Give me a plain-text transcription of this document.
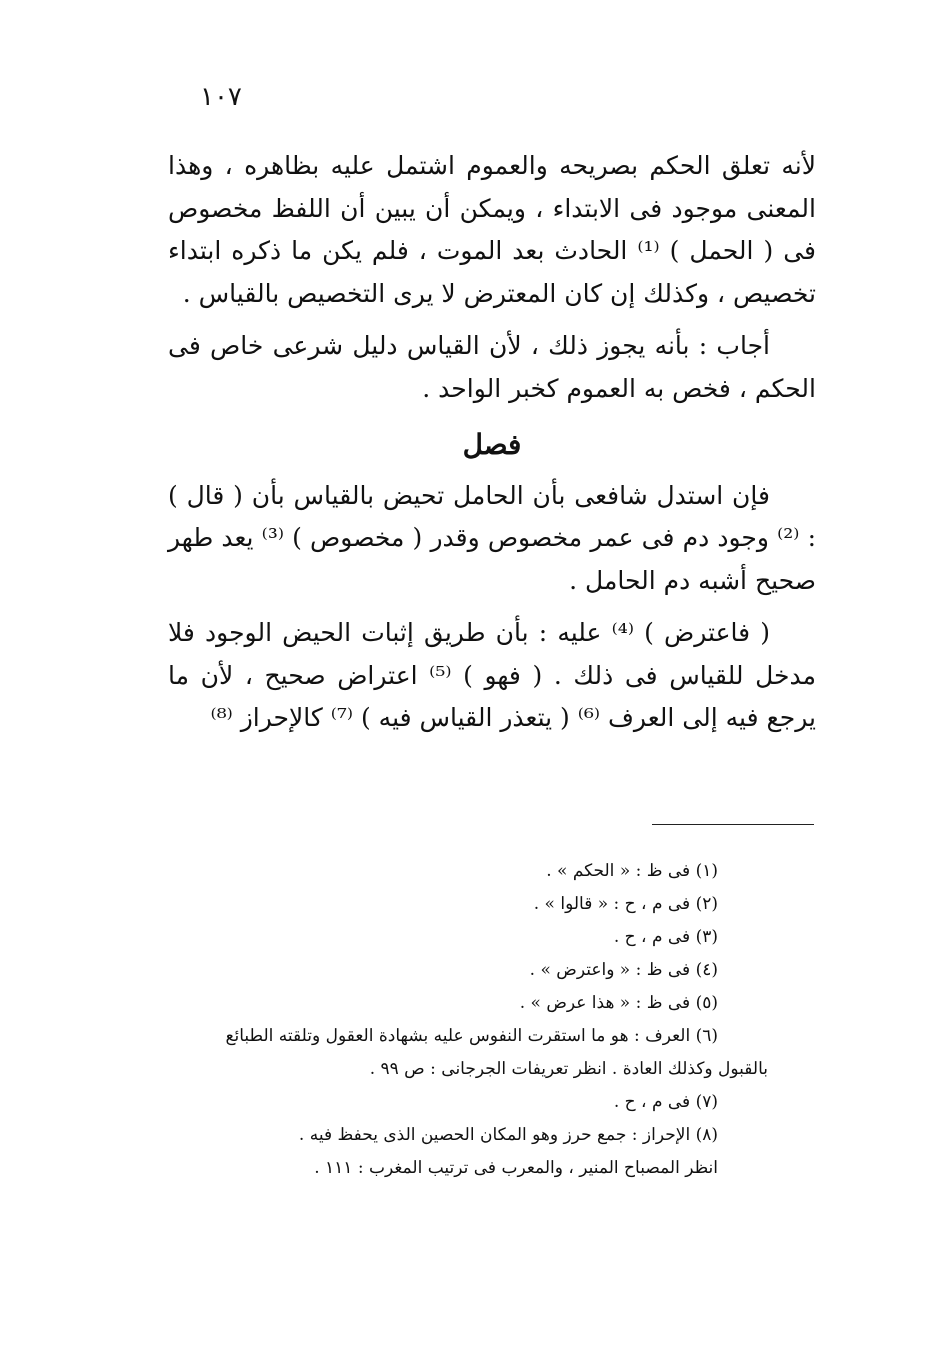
١٠٧

لأنه تعلق الحكم بصريحه والعموم اشتمل عليه بظاهره ، وهذا المعنى موجود فى الابتداء ، ويمكن أن يبين أن اللفظ مخصوص فى ( الحمل ) ⁽¹⁾ الحادث بعد الموت ، فلم يكن ما ذكره ابتداء تخصيص ، وكذلك إن كان المعترض لا يرى التخصيص بالقياس .

أجاب : بأنه يجوز ذلك ، لأن القياس دليل شرعى خاص فى الحكم ، فخص به العموم كخبر الواحد .

فصل

فإن استدل شافعى بأن الحامل تحيض بالقياس بأن ( قال ) : ⁽²⁾ وجود دم فى عمر مخصوص وقدر ( مخصوص ) ⁽³⁾ يعد طهر صحيح أشبه دم الحامل .

( فاعترض ) ⁽⁴⁾ عليه : بأن طريق إثبات الحيض الوجود فلا مدخل للقياس فى ذلك . ( فهو ) ⁽⁵⁾ اعتراض صحيح ، لأن ما يرجع فيه إلى العرف ⁽⁶⁾ ( يتعذر القياس فيه ) ⁽⁷⁾ كالإحراز ⁽⁸⁾

(١) فى ظ : « الحكم » .

(٢) فى م ، ح : « قالوا » .

(٣) فى م ، ح .

(٤) فى ظ : « واعترض » .

(٥) فى ظ : « هذا عرض » .

(٦) العرف : هو ما استقرت النفوس عليه بشهادة العقول وتلقته الطبائع

بالقبول وكذلك العادة . انظر تعريفات الجرجانى : ص ٩٩ .

(٧) فى م ، ح .

(٨) الإحراز : جمع حرز وهو المكان الحصين الذى يحفظ فيه .

انظر المصباح المنير ، والمعرب فى ترتيب المغرب : ١١١ .
